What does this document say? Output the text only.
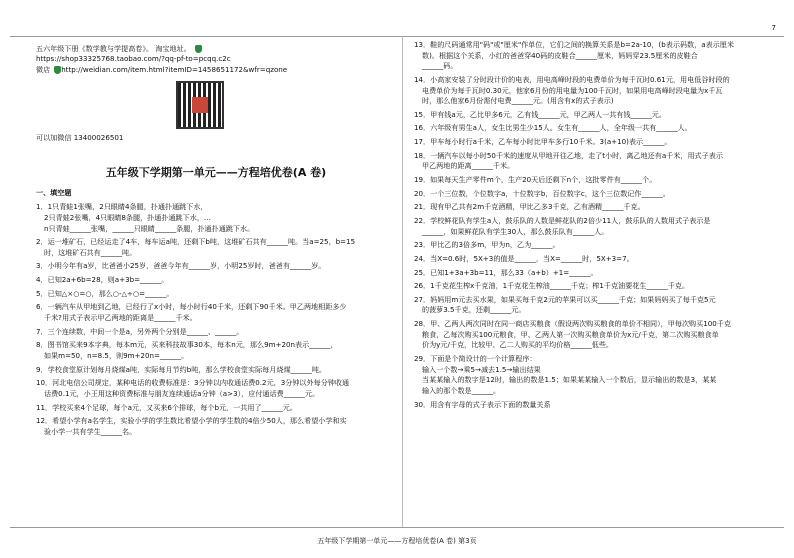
7

五六年级下册《数学教与学提高卷》。 淘宝地址。

https://shop33325768.taobao.com/?qq-pf-to=pcqq.c2c

微店 http://weidian.com/item.html?itemID=1458651172&wfr=qzone

可以加微信 13400026501

五年级下学期第一单元——方程培优卷(A 卷)
一、填空题
1．1只青蛙1张嘴，2只眼睛4条腿，扑通扑通跳下水，
2只青蛙2张嘴，4只眼睛8条腿，扑通扑通跳下水，…
n只青蛙______张嘴，______只眼睛______条腿，扑通扑通跳下水。
2．运一堆矿石，已经运走了4车，每车运a吨，还剩下b吨，这堆矿石共有______吨。当a=25，b=15
时，这堆矿石共有______吨。
3．小明今年有a岁，比爸爸小25岁，爸爸今年有______岁，小明25岁时，爸爸有______岁。
4．已知2a+6b=28，则a+3b=______。
5．已知△×○=○，那么○-△÷○=______。
6．一辆汽车从甲地到乙地，已经行了x小时，每小时行40千米，还剩下90千米。甲乙两地相距多少
千米?用式子表示甲乙两地的距离是______千米。
7．三个连续数，中间一个是a，另外两个分别是______、______。
8．图书馆买来9本字典，每本m元，买来科技故事30本，每本n元，那么9m+20n表示______，
如果m=50，n=8.5，则9m+20n=______。
9．学校食堂原计划每月烧煤a吨，实际每月节约b吨，那么学校食堂实际每月烧煤______吨。
10．河北电信公司规定，某种电话的收费标准是：3分钟以内收通话费0.2元，3分钟以外每分钟收通
话费0.1元，小王用这种资费标准与朋友连续通话a分钟（a>3），应付通话费______元。
11．学校买来4个足球，每个a元，又买来6个排球，每个b元，一共用了______元。
12．希望小学有a名学生，实验小学的学生数比希望小学的学生数的4倍少50人，那么希望小学和实
验小学一共有学生______名。
13．鞋的尺码通常用"码"或"厘米"作单位，它们之间的换算关系是b=2a-10，(b表示码数，a表示厘米
数)。根据这个关系，小红的爸爸穿40码的皮鞋合______厘米，妈妈穿23.5厘米的皮鞋合
______码。
14．小高家安装了分时段计价的电表，用电高峰时段的电费单价为每千瓦时0.61元，用电低谷时段的
电费单价为每千瓦时0.30元，他家6月份的用电量为100千瓦时，如果用电高峰时段电量为x千瓦
时，那么他家6月份需付电费______元。(用含有x的式子表示)
15．甲有钱a元，乙比甲多6元，乙有钱______元，甲乙两人一共有钱______元。
16．六年级有男生a人，女生比男生少15人。女生有______人，全年级一共有______人。
17．甲车每小时行a千米，乙车每小时比甲车多行10千米。3(a+10)表示______。
18．一辆汽车以每小时50千米的速度从甲地开往乙地，走了t小时，离乙地还有a千米，用式子表示
甲乙两地的距离______千米。
19．如果每天生产零件m个，生产20天后还剩下n个，这批零件有______个。
20．一个三位数，个位数字a，十位数字b，百位数字c，这个三位数记作______。
21．现有甲乙共有2m千克酒精，甲比乙多3千克，乙有酒精______千克。
22．学校鲜花队有学生a人，鼓乐队的人数是鲜花队的2倍少11人，鼓乐队的人数用式子表示是
______，如果鲜花队有学生30人，那么鼓乐队有______人。
23．甲比乙的3倍多m，甲为n，乙为______。
24．当X=0.6时，5X+3的值是______，当X=______时，5X+3=7。
25．已知1+3a+3b=11，那么33（a+b）+1=______。
26．1千克花生榨x千克油，1千克花生榨油______千克；榨1千克油要花生______千克。
27．妈妈用m元去买水果，如果买每千克2元的苹果可以买______千克；如果妈妈买了每千克5元
的菠萝3.5千克，还剩______元。
28．甲、乙两人两次同时在同一商店买粮食（假设两次购买粮食的单价不相同），甲每次购买100千克
粮食，乙每次购买100元粮食，甲、乙两人第一次购买粮食单价为x元/千克，第二次购买粮食单
价为y元/千克，比较甲、乙二人购买的平均价格______低些。
29．下面是个简设计的一个计算程序：
输入一个数→乘5→减去1.5→输出结果
当某某输入的数字是12时，输出的数是1.5；如果某某输入一个数后，显示输出的数是3，某某
输入的那个数是______。
30．用含有字母的式子表示下面的数量关系
五年级下学期第一单元——方程培优卷(A 卷) 第3页
